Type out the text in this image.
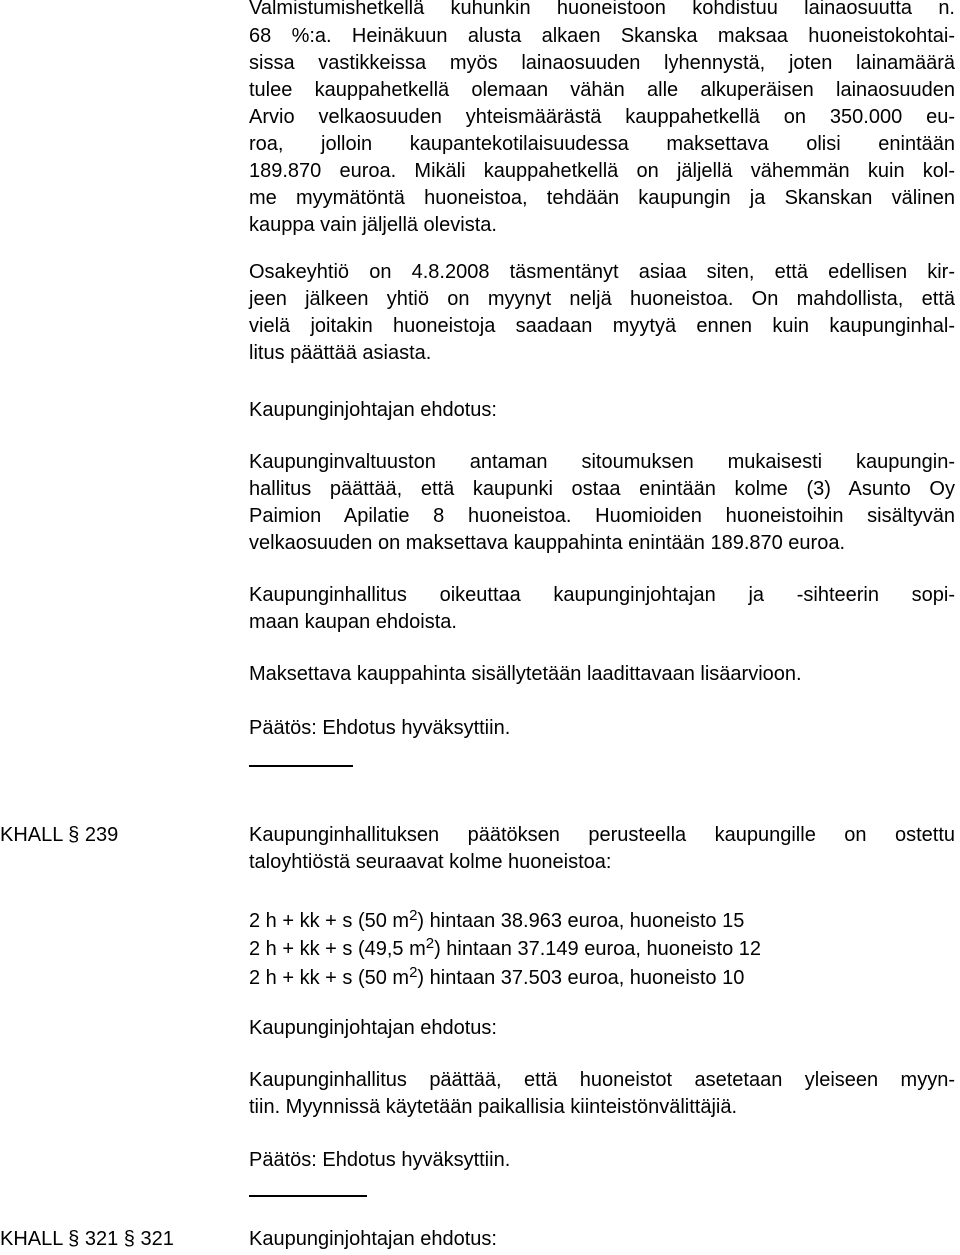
Valmistumishetkellä kuhunkin huoneistoon kohdistuu lainaosuutta n.
68 %:a. Heinäkuun alusta alkaen Skanska maksaa huoneistokohtai-
sissa vastikkeissa myös lainaosuuden lyhennystä, joten lainamäärä
tulee kauppahetkellä olemaan vähän alle alkuperäisen lainaosuuden
Arvio velkaosuuden yhteismäärästä kauppahetkellä on 350.000 eu-
roa, jolloin kaupantekotilaisuudessa maksettava olisi enintään
189.870 euroa. Mikäli kauppahetkellä on jäljellä vähemmän kuin kol-
me myymätöntä huoneistoa, tehdään kaupungin ja Skanskan välinen
kauppa vain jäljellä olevista.
Osakeyhtiö on 4.8.2008 täsmentänyt asiaa siten, että edellisen kir-
jeen jälkeen yhtiö on myynyt neljä huoneistoa. On mahdollista, että
vielä joitakin huoneistoja saadaan myytyä ennen kuin kaupunginhal-
litus päättää asiasta.
Kaupunginjohtajan ehdotus:
Kaupunginvaltuuston antaman sitoumuksen mukaisesti kaupungin-
hallitus päättää, että kaupunki ostaa enintään kolme (3) Asunto Oy
Paimion Apilatie 8 huoneistoa. Huomioiden huoneistoihin sisältyvän
velkaosuuden on maksettava kauppahinta enintään 189.870 euroa.
Kaupunginhallitus oikeuttaa kaupunginjohtajan ja -sihteerin sopi-
maan kaupan ehdoista.
Maksettava kauppahinta sisällytetään laadittavaan lisäarvioon.
Päätös: Ehdotus hyväksyttiin.
KHALL § 239	Kaupunginhallituksen päätöksen perusteella kaupungille on ostettu
taloyhtiöstä seuraavat kolme huoneistoa:
2 h + kk + s (50 $m^2$) hintaan 38.963 euroa, huoneisto 15
2 h + kk + s (49,5 $m^2$) hintaan 37.149 euroa, huoneisto 12
2 h + kk + s (50 $m^2$) hintaan 37.503 euroa, huoneisto 10
Kaupunginjohtajan ehdotus:
Kaupunginhallitus päättää, että huoneistot asetetaan yleiseen myyn-
tiin. Myynnissä käytetään paikallisia kiinteistönvälittäjiä.
Päätös: Ehdotus hyväksyttiin.
KHALL § 321 § 321	Kaupunginjohtajan ehdotus:
